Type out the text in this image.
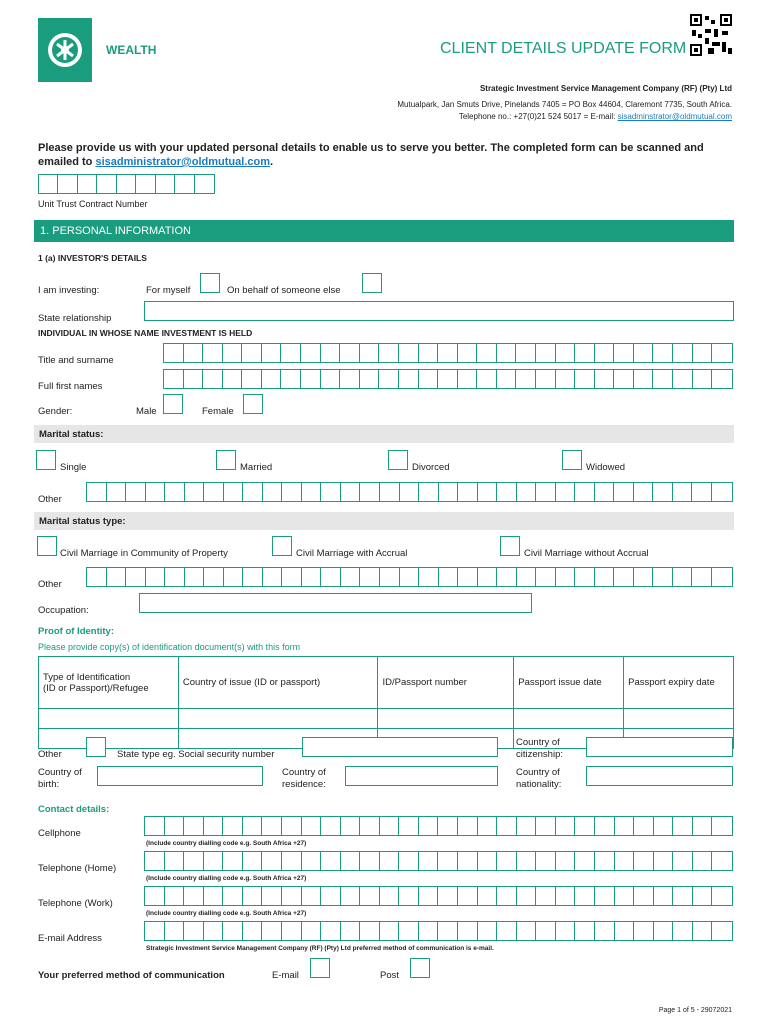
WEALTH	CLIENT DETAILS UPDATE FORM
Strategic Investment Service Management Company (RF) (Pty) Ltd
Mutualpark, Jan Smuts Drive, Pinelands 7405 = PO Box 44604, Claremont 7735, South Africa.
Telephone no.: +27(0)21 524 5017 = E-mail: sisadminstrator@oldmutual.com
Please provide us with your updated personal details to enable us to serve you better. The completed form can be scanned and emailed to sisadministrator@oldmutual.com.
Unit Trust Contract Number
1. PERSONAL INFORMATION
1 (a) INVESTOR'S DETAILS
I am investing:	For myself	On behalf of someone else
State relationship
INDIVIDUAL IN WHOSE NAME INVESTMENT IS HELD
Title and surname
Full first names
Gender:	Male	Female
Marital status:
Single	Married	Divorced	Widowed
Other
Marital status type:
Civil Marriage in Community of Property	Civil Marriage with Accrual	Civil Marriage without Accrual
Other
Occupation:
Proof of Identity:
Please provide copy(s) of identification document(s) with this form
Type of Identification
(ID or Passport)/Refugee	Country of issue (ID or passport)	ID/Passport number	Passport issue date	Passport expiry date

Other	State type eg. Social security number
Country of
citizenship:
Country of
birth:
Country of
residence:
Country of
nationality:
Contact details:
Cellphone
(Include country dialling code e.g. South Africa +27)
Telephone (Home)
(Include country dialling code e.g. South Africa +27)
Telephone (Work)
(Include country dialling code e.g. South Africa +27)
E-mail Address
Strategic Investment Service Management Company (RF) (Pty) Ltd preferred method of communication is e-mail.
Your preferred method of communication	E-mail	Post
Page 1 of 5 - 29072021
